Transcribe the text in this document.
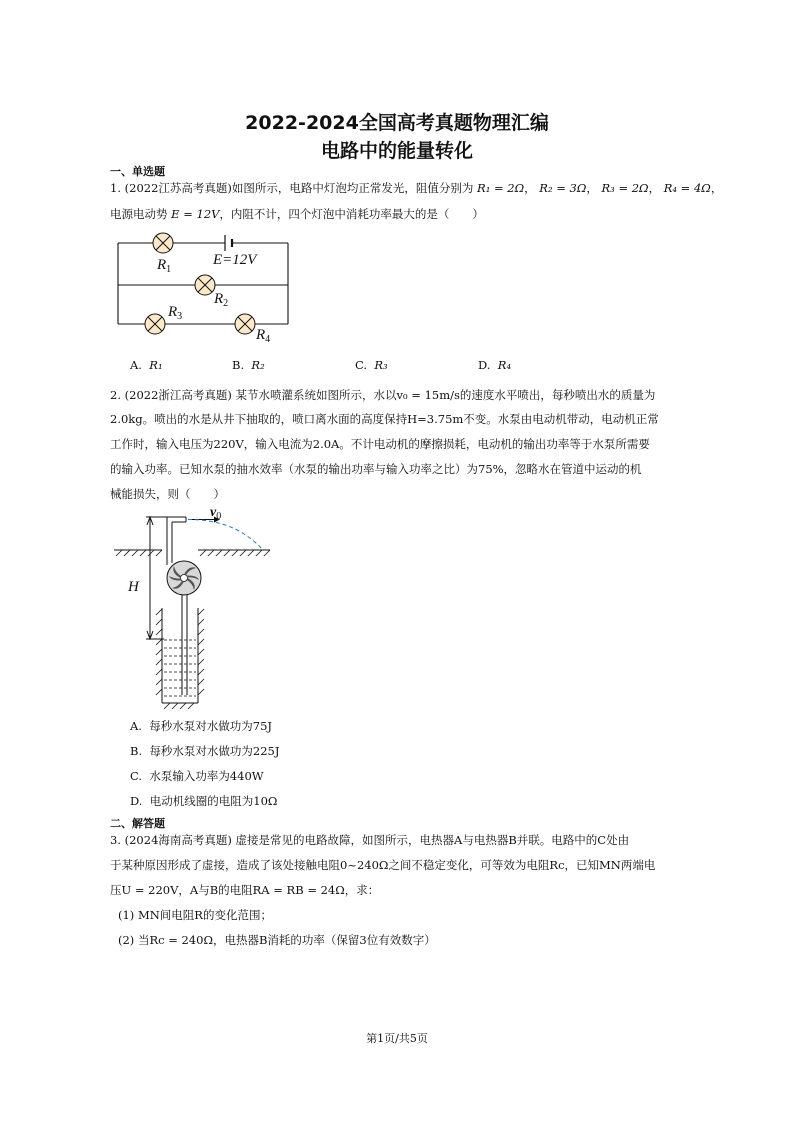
2022-2024全国高考真题物理汇编
电路中的能量转化
一、单选题
1. (2022江苏高考真题)如图所示，电路中灯泡均正常发光，阻值分别为 R₁ = 2Ω， R₂ = 3Ω， R₃ = 2Ω， R₄ = 4Ω，
电源电动势 E = 12V，内阻不计，四个灯泡中消耗功率最大的是（　　）
$R_1$
E=12V
$R_2$
$R_3$
$R_4$
A. R₁	B. R₂	C. R₃	D. R₄
2. (2022浙江高考真题) 某节水喷灌系统如图所示，水以v₀ = 15m/s的速度水平喷出，每秒喷出水的质量为
2.0kg。喷出的水是从井下抽取的，喷口离水面的高度保持H=3.75m不变。水泵由电动机带动，电动机正常
工作时，输入电压为220V，输入电流为2.0A。不计电动机的摩擦损耗，电动机的输出功率等于水泵所需要
的输入功率。已知水泵的抽水效率（水泵的输出功率与输入功率之比）为75%，忽略水在管道中运动的机
械能损失，则（　　）
$v_0$
H
A. 每秒水泵对水做功为75J
B. 每秒水泵对水做功为225J
C. 水泵输入功率为440W
D. 电动机线圈的电阻为10Ω
二、解答题
3. (2024海南高考真题) 虚接是常见的电路故障，如图所示，电热器A与电热器B并联。电路中的C处由
于某种原因形成了虚接，造成了该处接触电阻0~240Ω之间不稳定变化，可等效为电阻Rc，已知MN两端电
压U = 220V，A与B的电阻RA = RB = 24Ω，求：
(1) MN间电阻R的变化范围；
(2) 当Rc = 240Ω，电热器B消耗的功率（保留3位有效数字）
第1页/共5页
